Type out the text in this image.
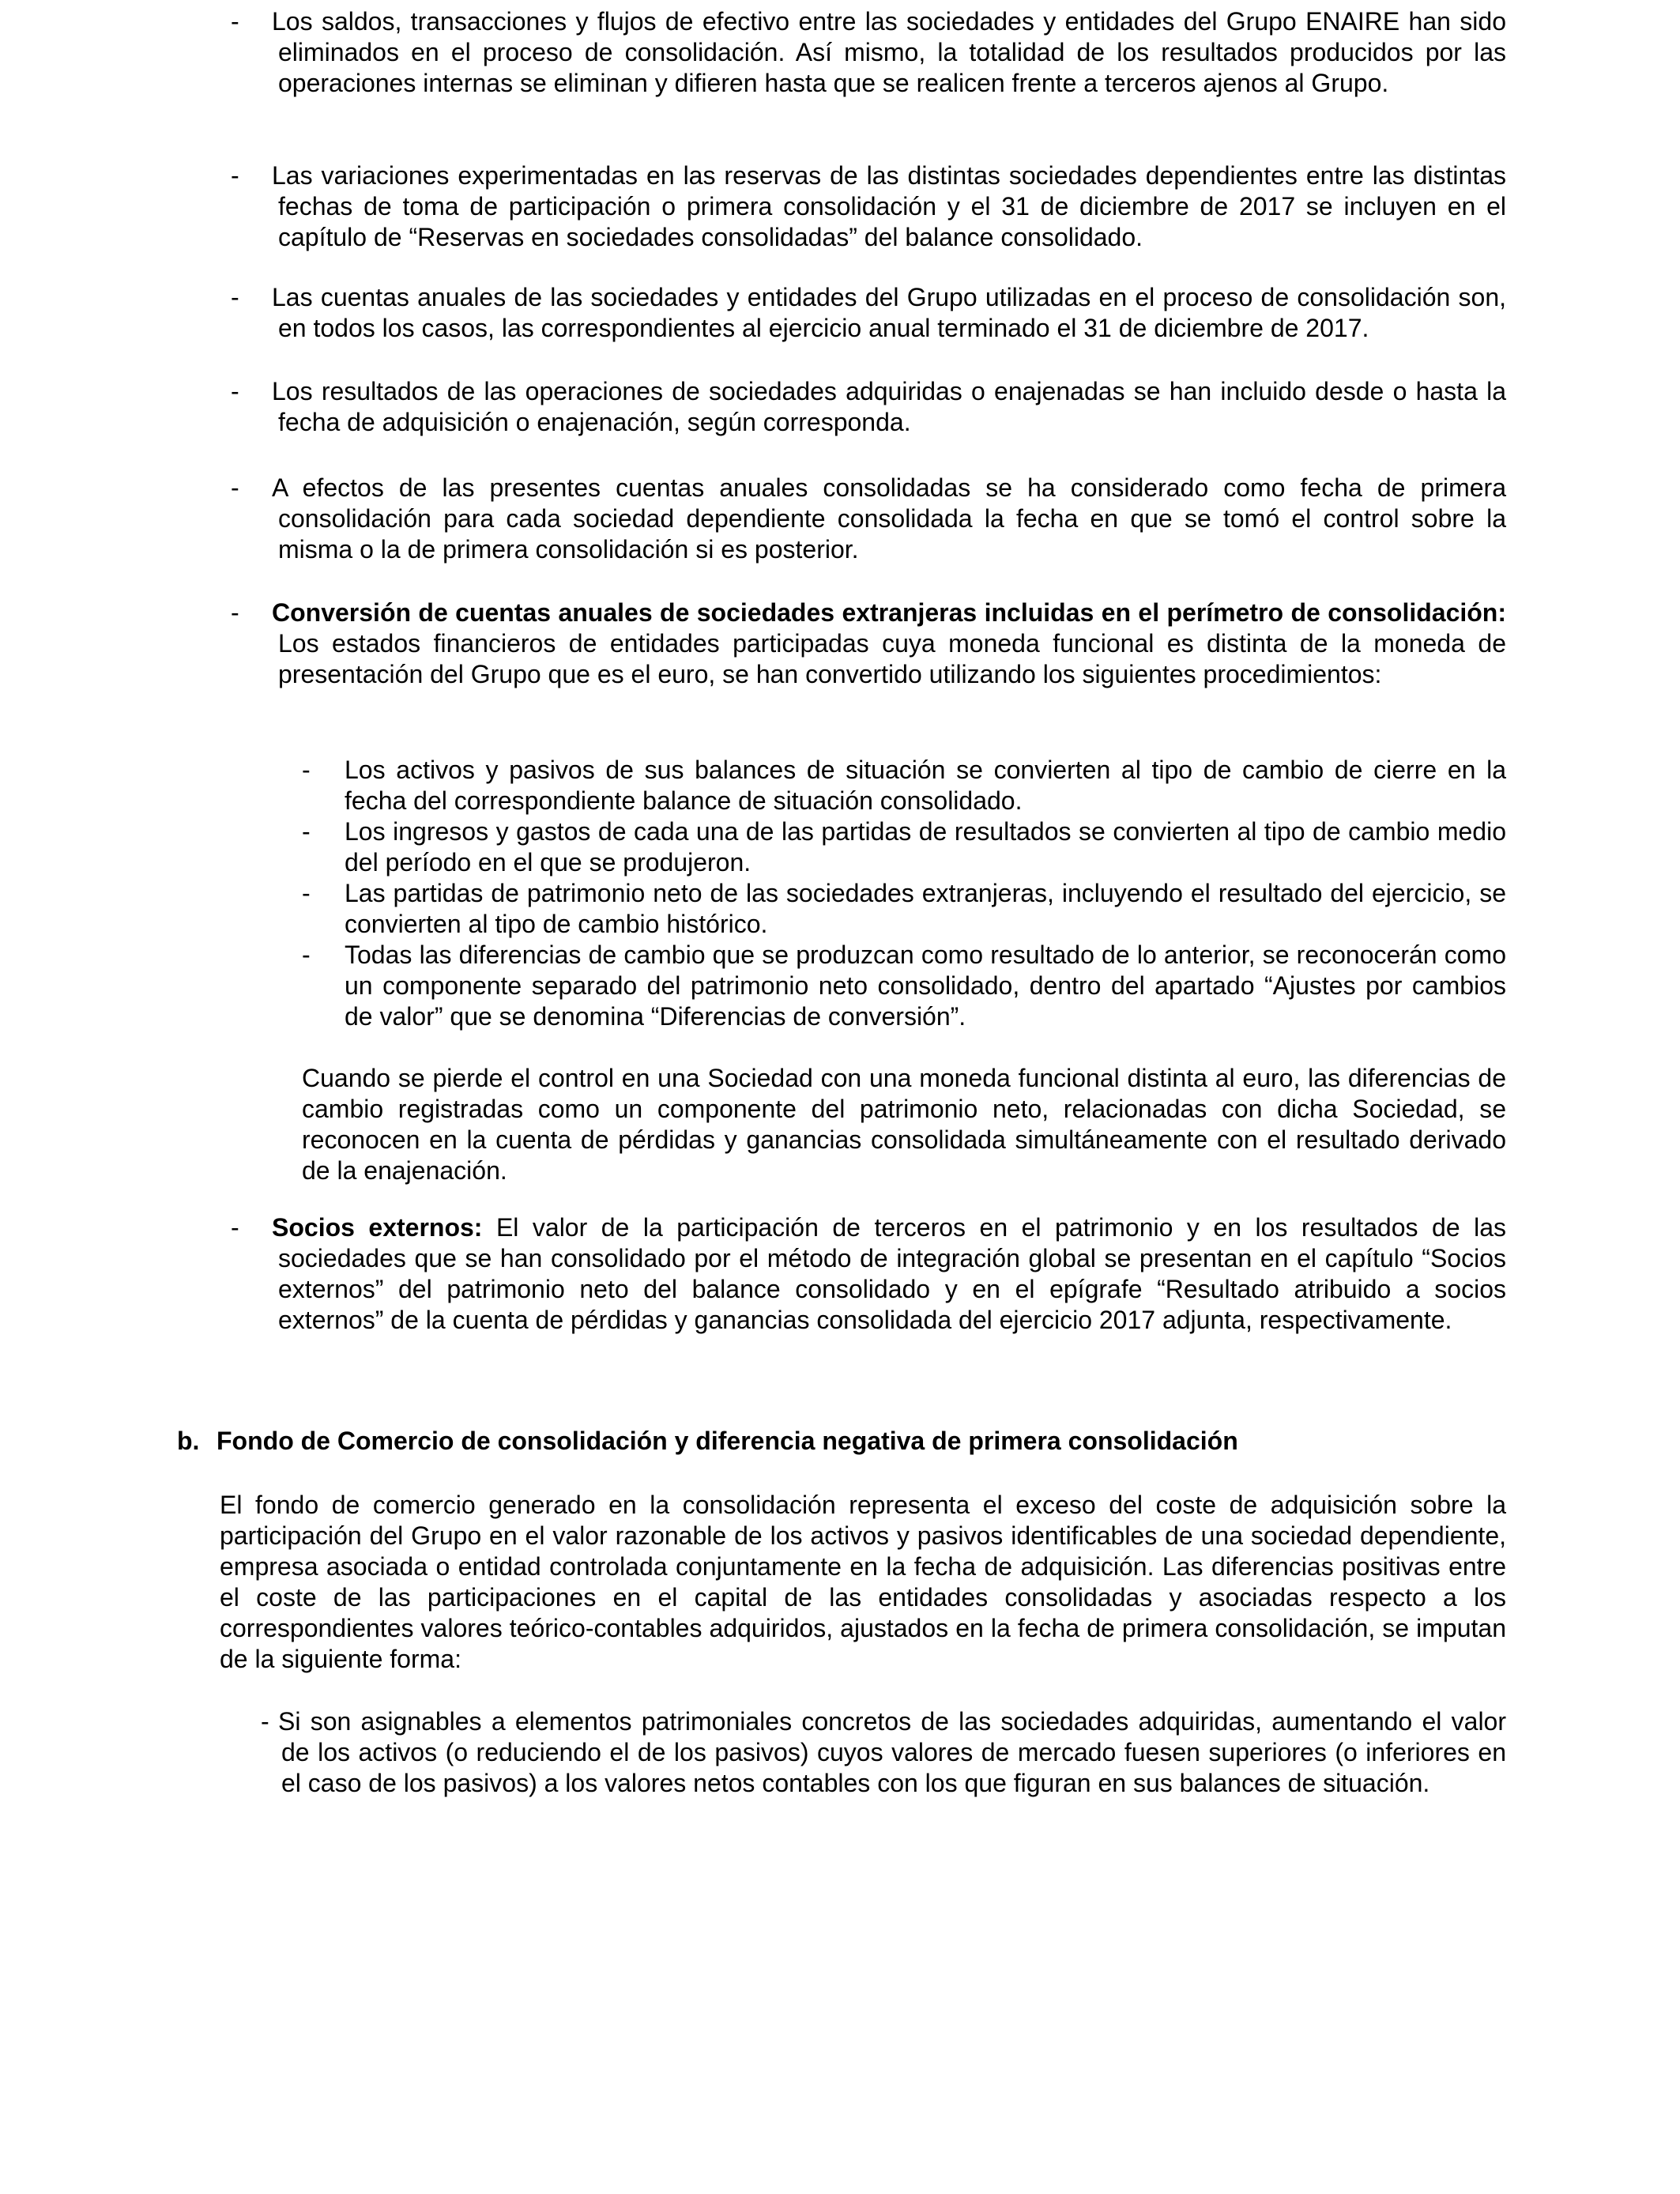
- Los saldos, transacciones y flujos de efectivo entre las sociedades y entidades del Grupo ENAIRE han sido eliminados en el proceso de consolidación. Así mismo, la totalidad de los resultados producidos por las operaciones internas se eliminan y difieren hasta que se realicen frente a terceros ajenos al Grupo.
- Las variaciones experimentadas en las reservas de las distintas sociedades dependientes entre las distintas fechas de toma de participación o primera consolidación y el 31 de diciembre de 2017 se incluyen en el capítulo de “Reservas en sociedades consolidadas” del balance consolidado.
- Las cuentas anuales de las sociedades y entidades del Grupo utilizadas en el proceso de consolidación son, en todos los casos, las correspondientes al ejercicio anual terminado el 31 de diciembre de 2017.
- Los resultados de las operaciones de sociedades adquiridas o enajenadas se han incluido desde o hasta la fecha de adquisición o enajenación, según corresponda.
- A efectos de las presentes cuentas anuales consolidadas se ha considerado como fecha de primera consolidación para cada sociedad dependiente consolidada la fecha en que se tomó el control sobre la misma o la de primera consolidación si es posterior.
- Conversión de cuentas anuales de sociedades extranjeras incluidas en el perímetro de consolidación: Los estados financieros de entidades participadas cuya moneda funcional es distinta de la moneda de presentación del Grupo que es el euro, se han convertido utilizando los siguientes procedimientos:
- Los activos y pasivos de sus balances de situación se convierten al tipo de cambio de cierre en la fecha del correspondiente balance de situación consolidado.
- Los ingresos y gastos de cada una de las partidas de resultados se convierten al tipo de cambio medio del período en el que se produjeron.
- Las partidas de patrimonio neto de las sociedades extranjeras, incluyendo el resultado del ejercicio, se convierten al tipo de cambio histórico.
- Todas las diferencias de cambio que se produzcan como resultado de lo anterior, se reconocerán como un componente separado del patrimonio neto consolidado, dentro del apartado “Ajustes por cambios de valor” que se denomina “Diferencias de conversión”.
Cuando se pierde el control en una Sociedad con una moneda funcional distinta al euro, las diferencias de cambio registradas como un componente del patrimonio neto, relacionadas con dicha Sociedad, se reconocen en la cuenta de pérdidas y ganancias consolidada simultáneamente con el resultado derivado de la enajenación.
- Socios externos: El valor de la participación de terceros en el patrimonio y en los resultados de las sociedades que se han consolidado por el método de integración global se presentan en el capítulo “Socios externos” del patrimonio neto del balance consolidado y en el epígrafe “Resultado atribuido a socios externos” de la cuenta de pérdidas y ganancias consolidada del ejercicio 2017 adjunta, respectivamente.
b. Fondo de Comercio de consolidación y diferencia negativa de primera consolidación
El fondo de comercio generado en la consolidación representa el exceso del coste de adquisición sobre la participación del Grupo en el valor razonable de los activos y pasivos identificables de una sociedad dependiente, empresa asociada o entidad controlada conjuntamente en la fecha de adquisición. Las diferencias positivas entre el coste de las participaciones en el capital de las entidades consolidadas y asociadas respecto a los correspondientes valores teórico-contables adquiridos, ajustados en la fecha de primera consolidación, se imputan de la siguiente forma:
- Si son asignables a elementos patrimoniales concretos de las sociedades adquiridas, aumentando el valor de los activos (o reduciendo el de los pasivos) cuyos valores de mercado fuesen superiores (o inferiores en el caso de los pasivos) a los valores netos contables con los que figuran en sus balances de situación.
